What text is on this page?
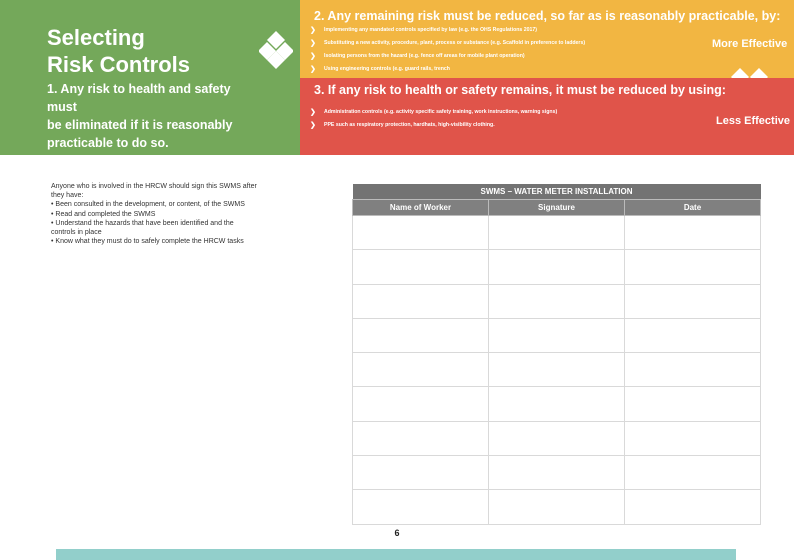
Selecting
Risk Controls
1. Any risk to health and safety must
be eliminated if it is reasonably
practicable to do so.
2. Any remaining risk must be reduced, so far as is reasonably practicable, by:
❯ Implementing any mandated controls specified by law (e.g. the OHS Regulations 2017)
❯ Substituting a new activity, procedure, plant, process or substance (e.g. Scaffold in preference to ladders)
❯ Isolating persons from the hazard (e.g. fence off areas for mobile plant operation)
❯ Using engineering controls (e.g. guard rails, trench
More Effective
3. If any risk to health or safety remains, it must be reduced by using:
❯ Administration controls (e.g. activity specific safety training, work instructions, warning signs)
❯ PPE such as respiratory protection, hardhats, high-visibility clothing.	Less Effective

Anyone who is involved in the HRCW should sign this SWMS after

they have:

• Been consulted in the development, or content, of the SWMS
• Read and completed the SWMS
• Understand the hazards that have been identified and the
controls in place
• Know what they must do to safely complete the HRCW tasks
SWMS – WATER METER INSTALLATION		
Name of Worker	Signature	Date

6
